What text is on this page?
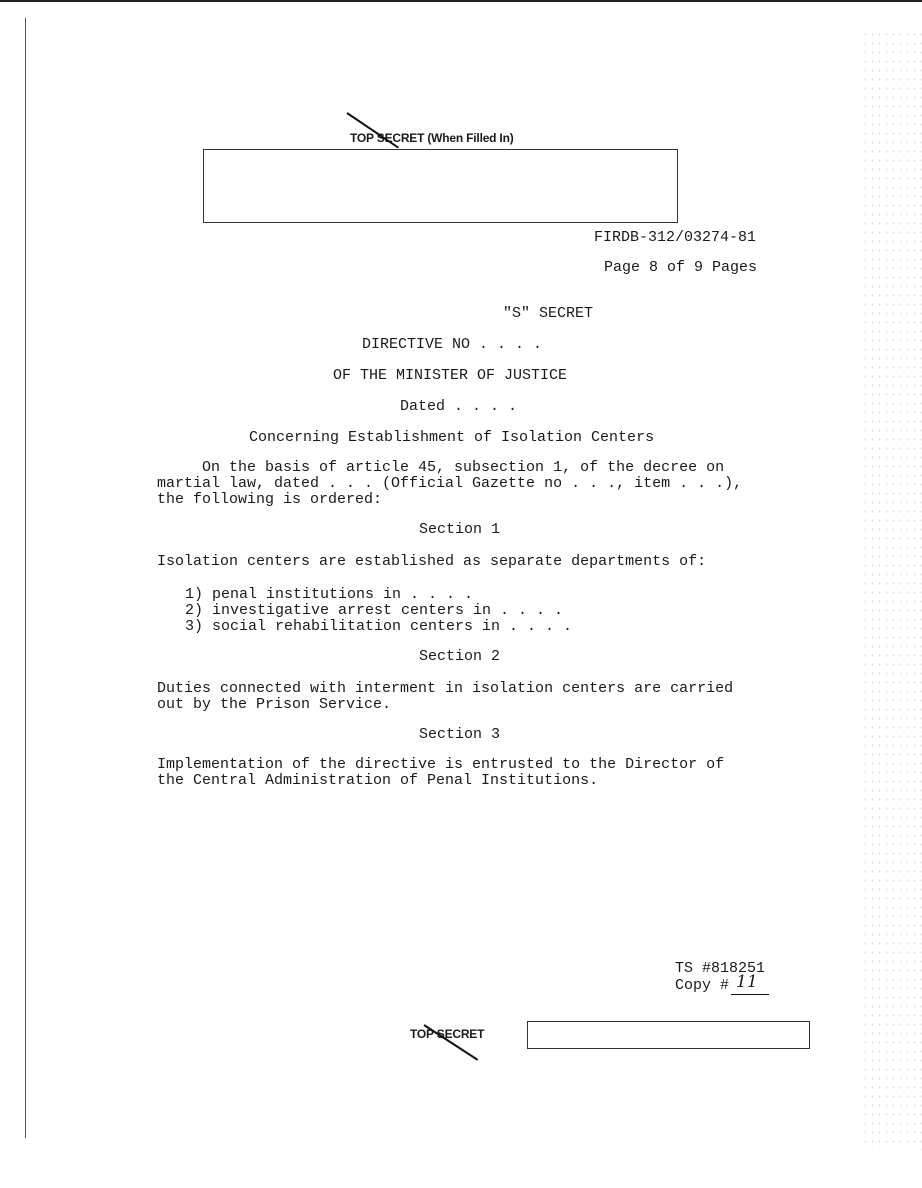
TOP SECRET (When Filled In)
FIRDB-312/03274-81
Page 8 of 9 Pages
"S" SECRET
DIRECTIVE NO . . . .
OF THE MINISTER OF JUSTICE
Dated . . . .
Concerning Establishment of Isolation Centers
On the basis of article 45, subsection 1, of the decree on
martial law, dated . . . (Official Gazette no . . ., item . . .),
the following is ordered:
Section 1
Isolation centers are established as separate departments of:
1) penal institutions in . . . .
2) investigative arrest centers in . . . .
3) social rehabilitation centers in . . . .
Section 2
Duties connected with interment in isolation centers are carried
out by the Prison Service.
Section 3
Implementation of the directive is entrusted to the Director of
the Central Administration of Penal Institutions.
TS #818251
Copy # 11
TOP SECRET
